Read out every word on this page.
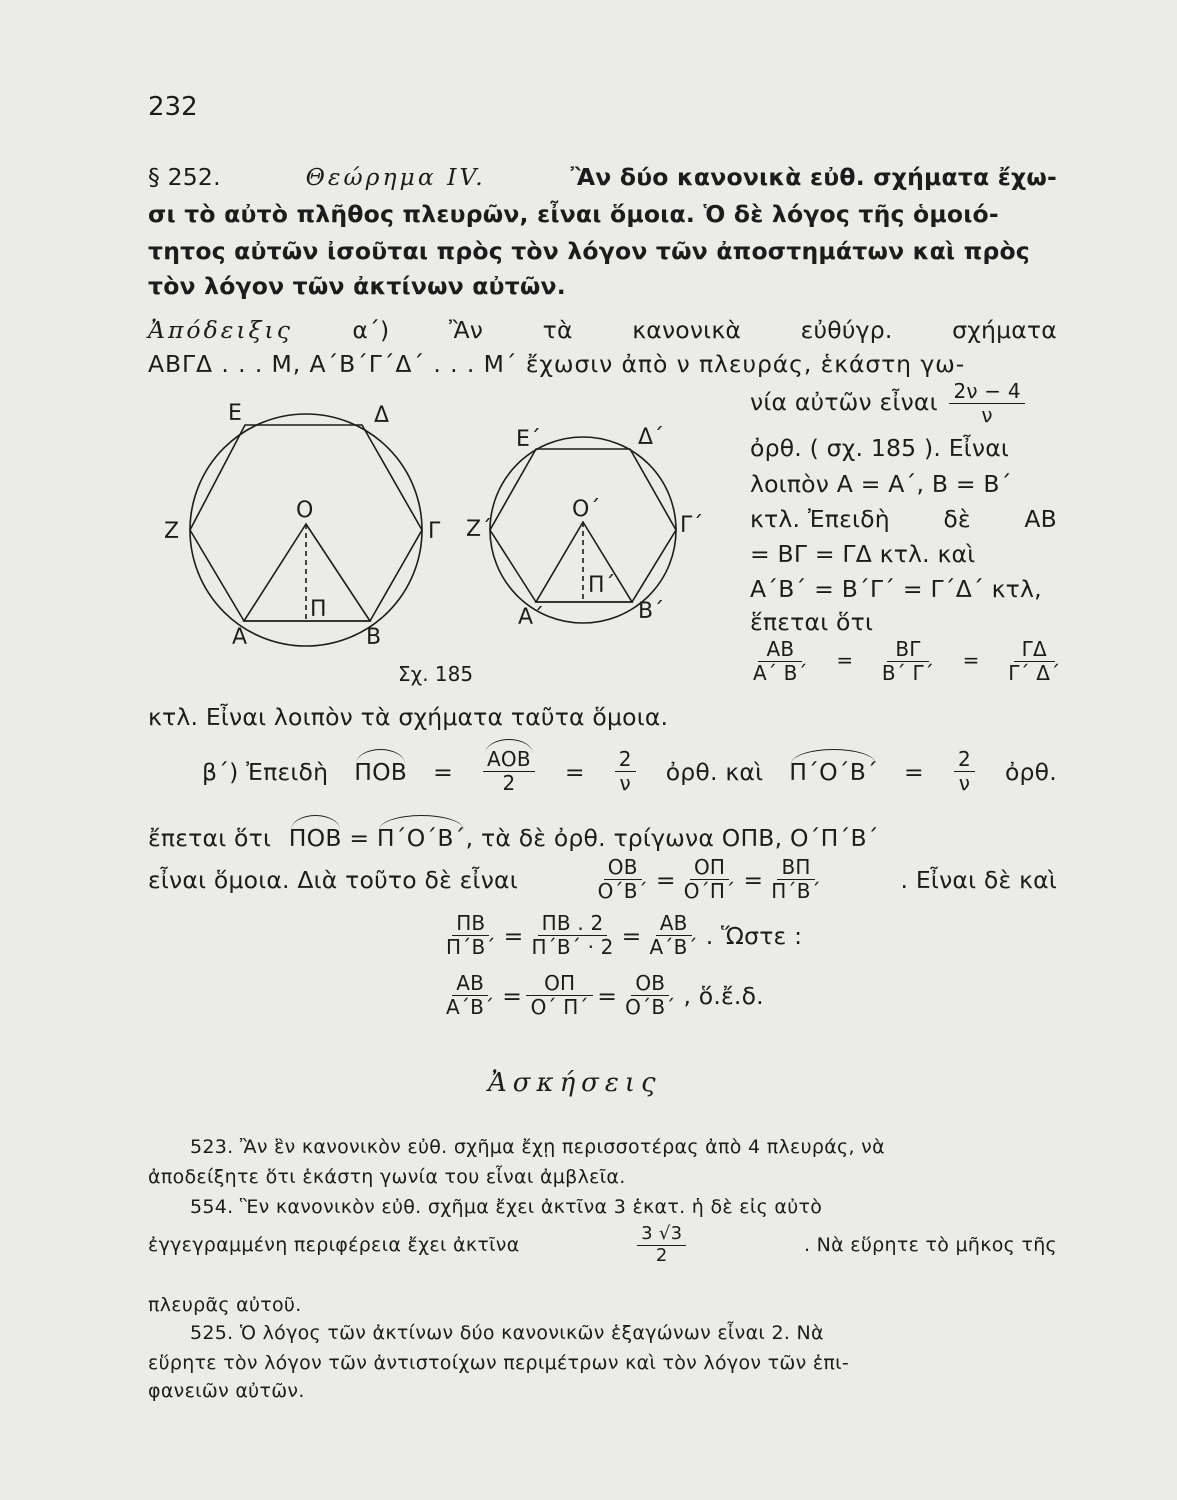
232
§ 252.	Θεώρημα IV.	Ἂν δύο κανονικὰ εὐθ. σχήματα ἔχω-
σι τὸ αὐτὸ πλῆθος πλευρῶν, εἶναι ὅμοια. Ὁ δὲ λόγος τῆς ὁμοιό-
τητος αὐτῶν ἰσοῦται πρὸς τὸν λόγον τῶν ἀποστημάτων καὶ πρὸς
τὸν λόγον τῶν ἀκτίνων αὐτῶν.
Ἀπόδειξις	α΄)	Ἂν	τὰ	κανονικὰ	εὐθύγρ.	σχήματα
ΑΒΓΔ . . . Μ, Α΄Β΄Γ΄Δ΄ . . . Μ΄ ἔχωσιν ἀπὸ ν πλευράς, ἑκάστη γω-
νία αὐτῶν εἶναι $\frac{2\nu - 4}{\nu}$
ὀρθ. ( σχ. 185 ). Εἶναι
λοιπὸν Α = Α΄, Β = Β΄
κτλ. Ἐπειδὴ δὲ ΑΒ
= ΒΓ = ΓΔ κτλ. καὶ
Α΄Β΄ = Β΄Γ΄ = Γ΄Δ΄ κτλ,
ἕπεται ὅτι
$\frac{AB}{A΄ B΄} = \frac{B\Gamma}{B΄ \Gamma΄} = \frac{\Gamma\Delta}{\Gamma΄ \Delta΄}$
Ε	Δ
Ζ
Ο
Γ
Π
Α	Β
Ε΄	Δ΄
Ζ΄
Ο΄
Γ΄
Π΄
Α΄	Β΄
Σχ. 185
κτλ. Εἶναι λοιπὸν τὰ σχήματα ταῦτα ὅμοια.
β΄) Ἐπειδὴ $\Pi OB = \frac{\text{ΑΟΒ}}{2} = \frac{2}{\nu}$ ὀρθ. καὶ $\Pi΄O΄B΄ = \frac{2}{\nu}$ ὀρθ.
ἔπεται ὅτι ΠΟΒ = Π΄Ο΄Β΄, τὰ δὲ ὀρθ. τρίγωνα ΟΠΒ, Ο΄Π΄Β΄
εἶναι ὅμοια. Διὰ τοῦτο δὲ εἶναι	$\frac{OB}{O΄B΄} = \frac{O\Pi}{O΄\Pi΄} = \frac{B\Pi}{\Pi΄B΄}$	. Εἶναι δὲ καὶ
$\frac{\Pi B}{\Pi΄B΄} = \frac{\Pi B . 2}{\Pi΄B΄ \cdot 2} = \frac{AB}{A΄B΄}$ . Ὥστε :
$\frac{AB}{A΄B΄} = \frac{O\Pi}{O΄ \Pi΄} = \frac{OB}{O΄B΄}$ , ὅ.ἔ.δ.
Ἀσκήσεις
523. Ἂν ἓν κανονικὸν εὐθ. σχῆμα ἔχῃ περισσοτέρας ἀπὸ 4 πλευράς, νὰ
ἀποδείξητε ὅτι ἑκάστη γωνία του εἶναι ἀμβλεῖα.
554. Ἓν κανονικὸν εὐθ. σχῆμα ἔχει ἀκτῖνα 3 ἑκατ. ἡ δὲ εἰς αὐτὸ
ἐγγεγραμμένη περιφέρεια ἔχει ἀκτῖνα	$\frac{3 √3}{2}$	. Νὰ εὕρητε τὸ μῆκος τῆς
πλευρᾶς αὐτοῦ.
525. Ὁ λόγος τῶν ἀκτίνων δύο κανονικῶν ἑξαγώνων εἶναι 2. Νὰ
εὕρητε τὸν λόγον τῶν ἀντιστοίχων περιμέτρων καὶ τὸν λόγον τῶν ἐπι-
φανειῶν αὐτῶν.
